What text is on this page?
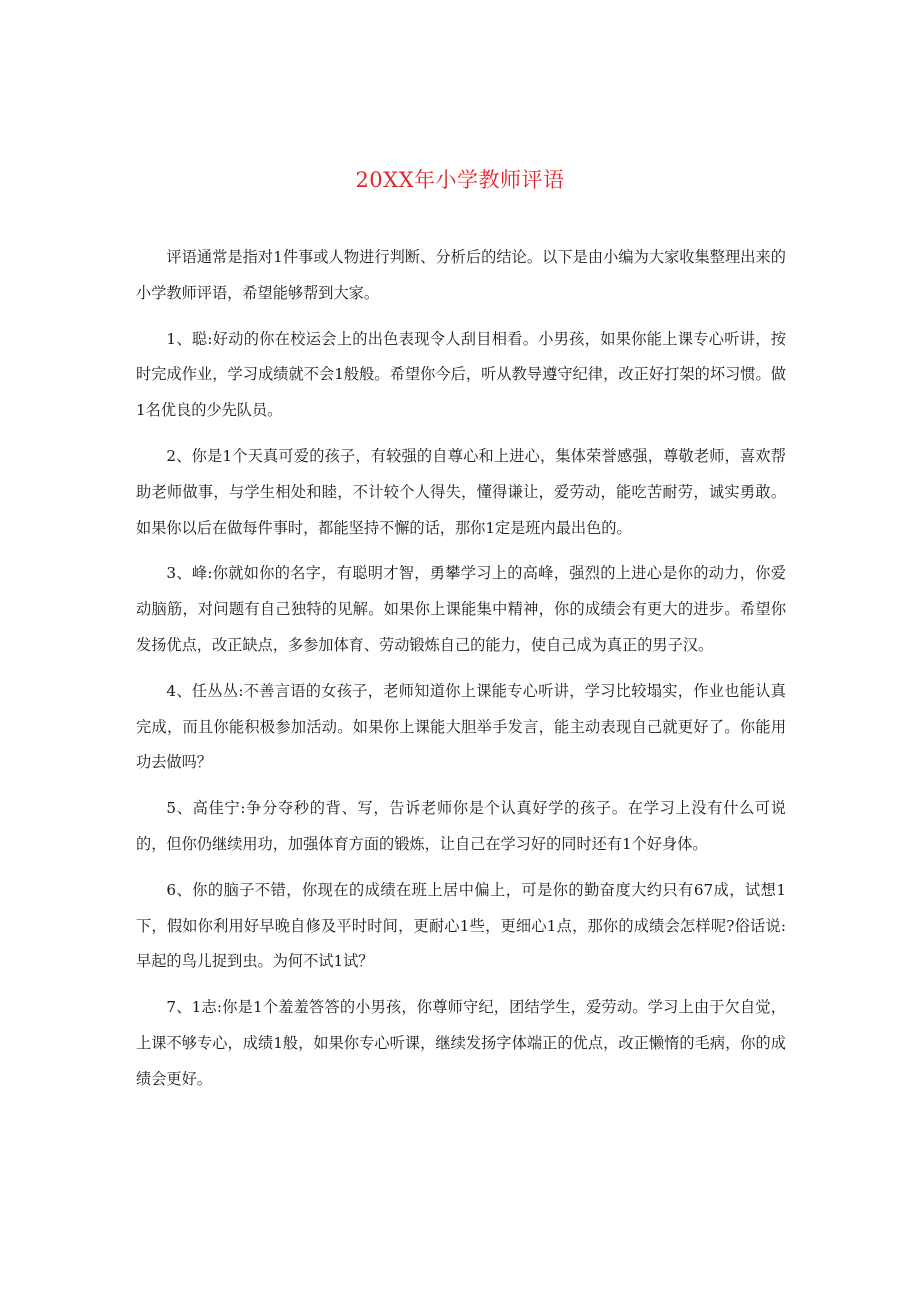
20XX年小学教师评语

评语通常是指对1件事或人物进行判断、分析后的结论。以下是由小编为大家收集整理出来的小学教师评语，希望能够帮到大家。

1、聪:好动的你在校运会上的出色表现令人刮目相看。小男孩，如果你能上课专心听讲，按时完成作业，学习成绩就不会1般般。希望你今后，听从教导遵守纪律，改正好打架的坏习惯。做1名优良的少先队员。

2、你是1个天真可爱的孩子，有较强的自尊心和上进心，集体荣誉感强，尊敬老师，喜欢帮助老师做事，与学生相处和睦，不计较个人得失，懂得谦让，爱劳动，能吃苦耐劳，诚实勇敢。如果你以后在做每件事时，都能坚持不懈的话，那你1定是班内最出色的。

3、峰:你就如你的名字，有聪明才智，勇攀学习上的高峰，强烈的上进心是你的动力，你爱动脑筋，对问题有自己独特的见解。如果你上课能集中精神，你的成绩会有更大的进步。希望你发扬优点，改正缺点，多参加体育、劳动锻炼自己的能力，使自己成为真正的男子汉。

4、任丛丛:不善言语的女孩子，老师知道你上课能专心听讲，学习比较塌实，作业也能认真完成，而且你能积极参加活动。如果你上课能大胆举手发言，能主动表现自己就更好了。你能用功去做吗？

5、高佳宁:争分夺秒的背、写，告诉老师你是个认真好学的孩子。在学习上没有什么可说的，但你仍继续用功，加强体育方面的锻炼，让自己在学习好的同时还有1个好身体。

6、你的脑子不错，你现在的成绩在班上居中偏上，可是你的勤奋度大约只有67成，试想1下，假如你利用好早晚自修及平时时间，更耐心1些，更细心1点，那你的成绩会怎样呢?俗话说:早起的鸟儿捉到虫。为何不试1试？

7、1志:你是1个羞羞答答的小男孩，你尊师守纪，团结学生，爱劳动。学习上由于欠自觉，上课不够专心，成绩1般，如果你专心听课，继续发扬字体端正的优点，改正懒惰的毛病，你的成绩会更好。
